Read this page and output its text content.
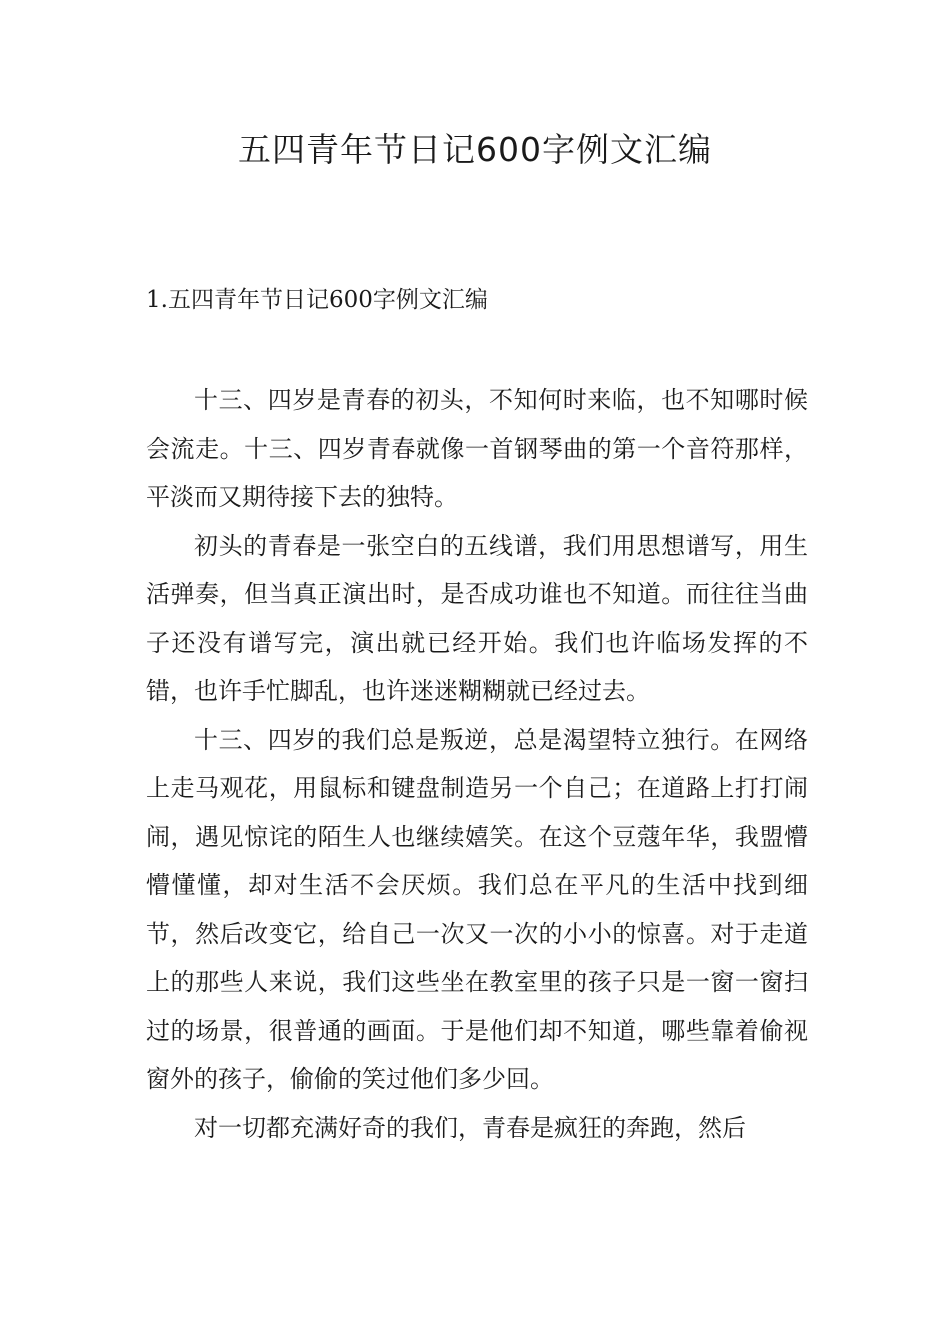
五四青年节日记600字例文汇编
1.五四青年节日记600字例文汇编

十三、四岁是青春的初头，不知何时来临，也不知哪时候会流走。十三、四岁青春就像一首钢琴曲的第一个音符那样，平淡而又期待接下去的独特。

初头的青春是一张空白的五线谱，我们用思想谱写，用生活弹奏，但当真正演出时，是否成功谁也不知道。而往往当曲子还没有谱写完，演出就已经开始。我们也许临场发挥的不错，也许手忙脚乱，也许迷迷糊糊就已经过去。

十三、四岁的我们总是叛逆，总是渴望特立独行。在网络上走马观花，用鼠标和键盘制造另一个自己；在道路上打打闹闹，遇见惊诧的陌生人也继续嬉笑。在这个豆蔻年华，我盟懵懵懂懂，却对生活不会厌烦。我们总在平凡的生活中找到细节，然后改变它，给自己一次又一次的小小的惊喜。对于走道上的那些人来说，我们这些坐在教室里的孩子只是一窗一窗扫过的场景，很普通的画面。于是他们却不知道，哪些靠着偷视窗外的孩子，偷偷的笑过他们多少回。

对一切都充满好奇的我们，青春是疯狂的奔跑，然后
